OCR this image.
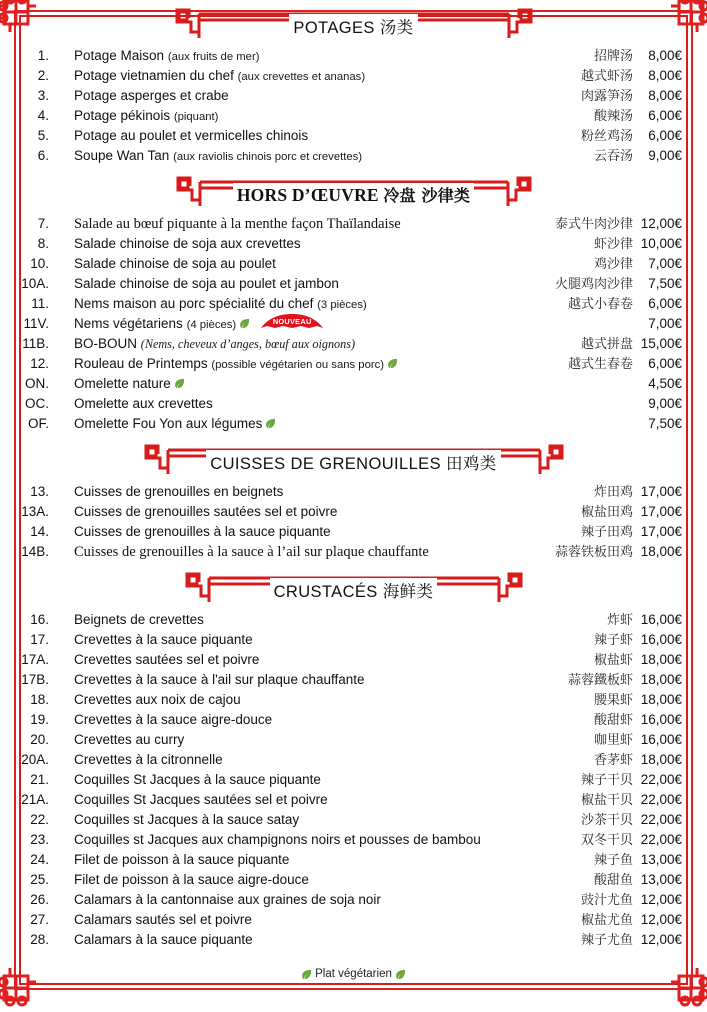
POTAGES 汤类
1.	Potage Maison (aux fruits de mer)	招牌汤	8,00€
2.	Potage vietnamien du chef (aux crevettes et ananas)	越式虾汤	8,00€
3.	Potage asperges et crabe	肉露笋汤	8,00€
4.	Potage pékinois (piquant)	酸辣汤	6,00€
5.	Potage au poulet et vermicelles chinois	粉丝鸡汤	6,00€
6.	Soupe Wan Tan (aux raviolis chinois porc et crevettes)	云吞汤	9,00€
HORS D’ŒUVRE 冷盘 沙律类
7.	Salade au bœuf piquante à la menthe façon Thaïlandaise	泰式牛肉沙律 12,00€
8.	Salade chinoise de soja aux crevettes	虾沙律 10,00€
10.	Salade chinoise de soja au poulet	鸡沙律	7,00€
10A.	Salade chinoise de soja au poulet et jambon	火腿鸡肉沙律	7,50€
11.	Nems maison au porc spécialité du chef (3 pièces)	越式小春卷	6,00€
11V.	Nems végétariens (4 pièces)	NOUVEAU	7,00€
11B.	BO-BOUN (Nems, cheveux d’anges, bœuf aux oignons)	越式拼盘 15,00€
12.	Rouleau de Printemps (possible végétarien ou sans porc)	越式生春卷	6,00€
ON.	Omelette nature	4,50€
OC.	Omelette aux crevettes	9,00€
OF.	Omelette Fou Yon aux légumes	7,50€
CUISSES DE GRENOUILLES 田鸡类
13.	Cuisses de grenouilles en beignets	炸田鸡 17,00€
13A.	Cuisses de grenouilles sautées sel et poivre	椒盐田鸡 17,00€
14.	Cuisses de grenouilles à la sauce piquante	辣子田鸡 17,00€
14B.	Cuisses de grenouilles à la sauce à l’ail sur plaque chauffante	蒜蓉铁板田鸡 18,00€
CRUSTACÉS 海鲜类
16.	Beignets de crevettes	炸虾 16,00€
17.	Crevettes à la sauce piquante	辣子虾 16,00€
17A.	Crevettes sautées sel et poivre	椒盐虾 18,00€
17B.	Crevettes à la sauce à l'ail sur plaque chauffante	蒜蓉鐵板虾 18,00€
18.	Crevettes aux noix de cajou	腰果虾 18,00€
19.	Crevettes à la sauce aigre-douce	酸甜虾 16,00€
20.	Crevettes au curry	咖里虾 16,00€
20A.	Crevettes à la citronnelle	香茅虾 18,00€
21.	Coquilles St Jacques à la sauce piquante	辣子干贝 22,00€
21A.	Coquilles St Jacques sautées sel et poivre	椒盐干贝 22,00€
22.	Coquilles st Jacques à la sauce satay	沙茶干贝 22,00€
23.	Coquilles st Jacques aux champignons noirs et pousses de bambou	双冬干贝 22,00€
24.	Filet de poisson à la sauce piquante	辣子鱼 13,00€
25.	Filet de poisson à la sauce aigre-douce	酸甜鱼 13,00€
26.	Calamars à la cantonnaise aux graines de soja noir	豉汁尤鱼 12,00€
27.	Calamars sautés sel et poivre	椒盐尤鱼 12,00€
28.	Calamars à la sauce piquante	辣子尤鱼 12,00€
Plat végétarien
